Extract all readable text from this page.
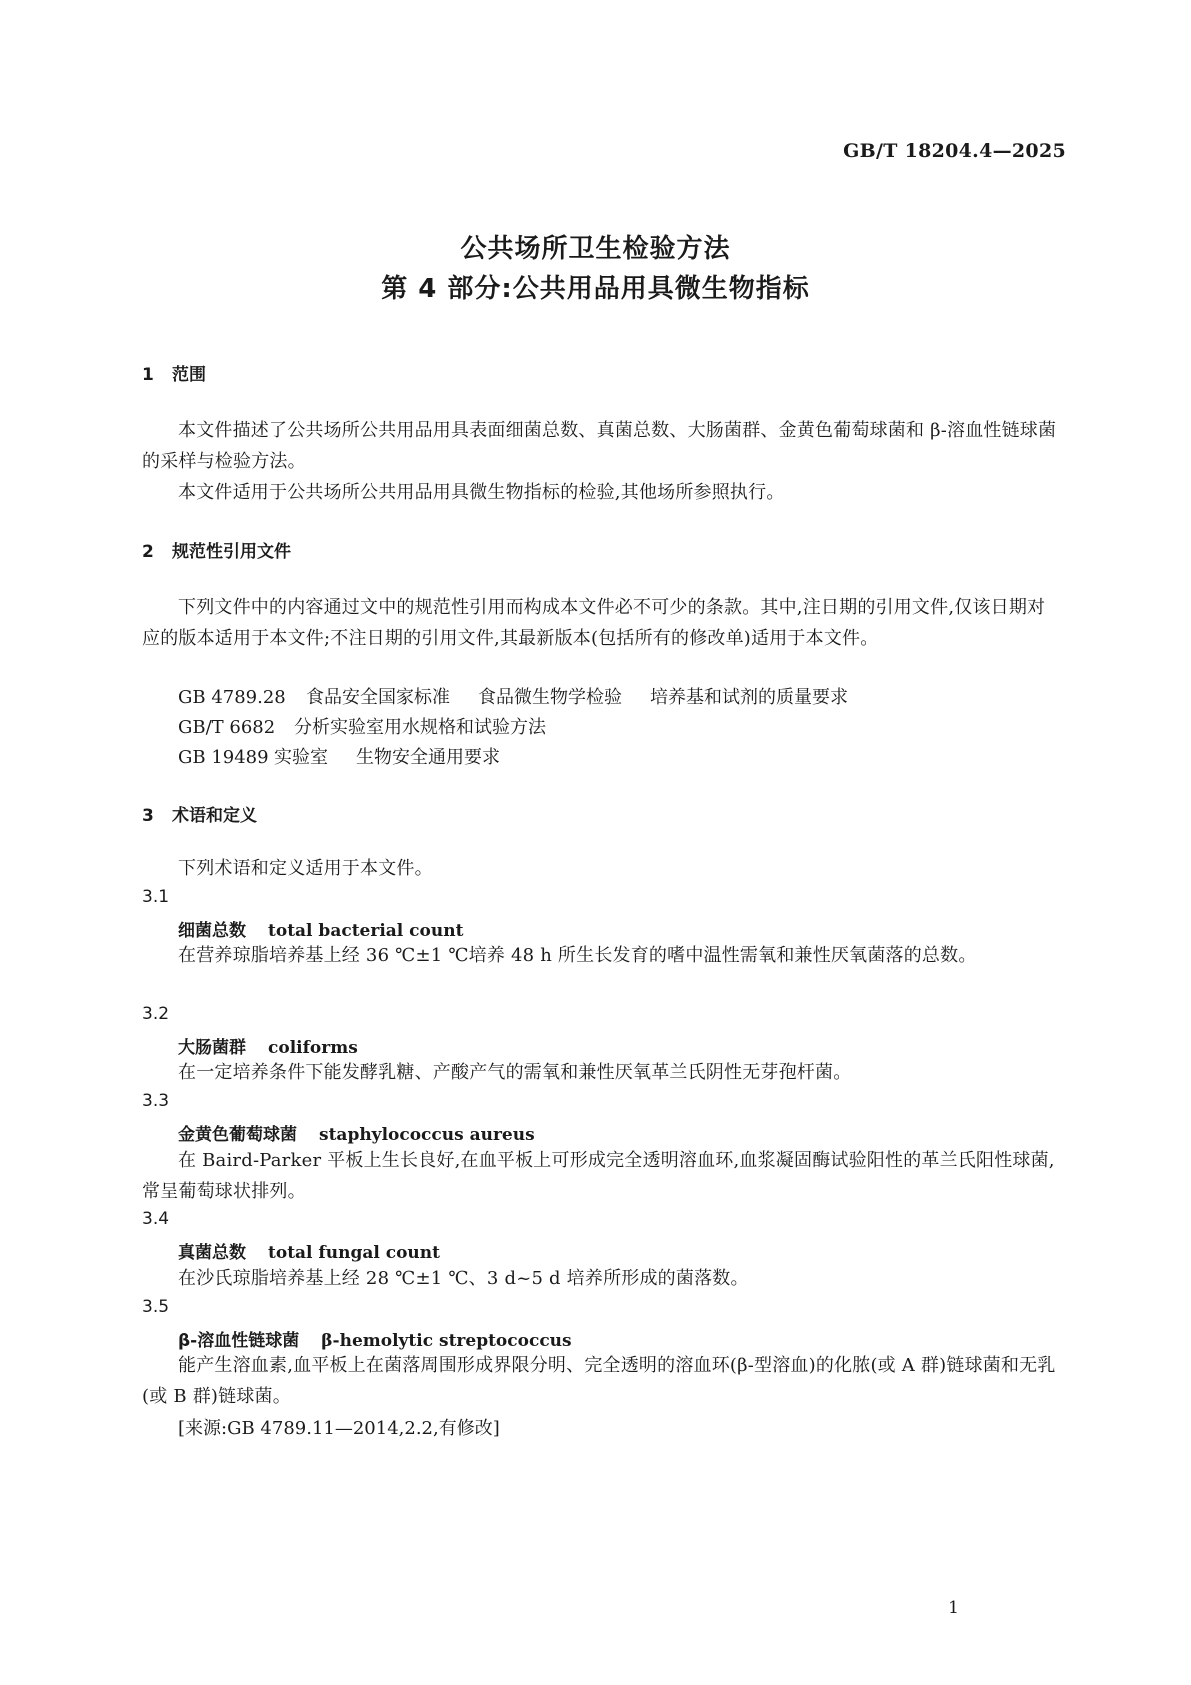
GB/T 18204.4—2025
公共场所卫生检验方法
第 4 部分:公共用品用具微生物指标
1 范围
本文件描述了公共场所公共用品用具表面细菌总数、真菌总数、大肠菌群、金黄色葡萄球菌和 β-溶血性链球菌的采样与检验方法。
本文件适用于公共场所公共用品用具微生物指标的检验,其他场所参照执行。
2 规范性引用文件
下列文件中的内容通过文中的规范性引用而构成本文件必不可少的条款。其中,注日期的引用文件,仅该日期对应的版本适用于本文件;不注日期的引用文件,其最新版本(包括所有的修改单)适用于本文件。
GB 4789.28 食品安全国家标准 食品微生物学检验 培养基和试剂的质量要求
GB/T 6682 分析实验室用水规格和试验方法
GB 19489 实验室 生物安全通用要求
3 术语和定义
下列术语和定义适用于本文件。
3.1
细菌总数 total bacterial count
在营养琼脂培养基上经 36 ℃±1 ℃培养 48 h 所生长发育的嗜中温性需氧和兼性厌氧菌落的总数。
3.2
大肠菌群 coliforms
在一定培养条件下能发酵乳糖、产酸产气的需氧和兼性厌氧革兰氏阴性无芽孢杆菌。
3.3
金黄色葡萄球菌 staphylococcus aureus
在 Baird-Parker 平板上生长良好,在血平板上可形成完全透明溶血环,血浆凝固酶试验阳性的革兰氏阳性球菌,常呈葡萄球状排列。
3.4
真菌总数 total fungal count
在沙氏琼脂培养基上经 28 ℃±1 ℃、3 d~5 d 培养所形成的菌落数。
3.5
β-溶血性链球菌 β-hemolytic streptococcus
能产生溶血素,血平板上在菌落周围形成界限分明、完全透明的溶血环(β-型溶血)的化脓(或 A 群)链球菌和无乳(或 B 群)链球菌。
[来源:GB 4789.11—2014,2.2,有修改]
1
